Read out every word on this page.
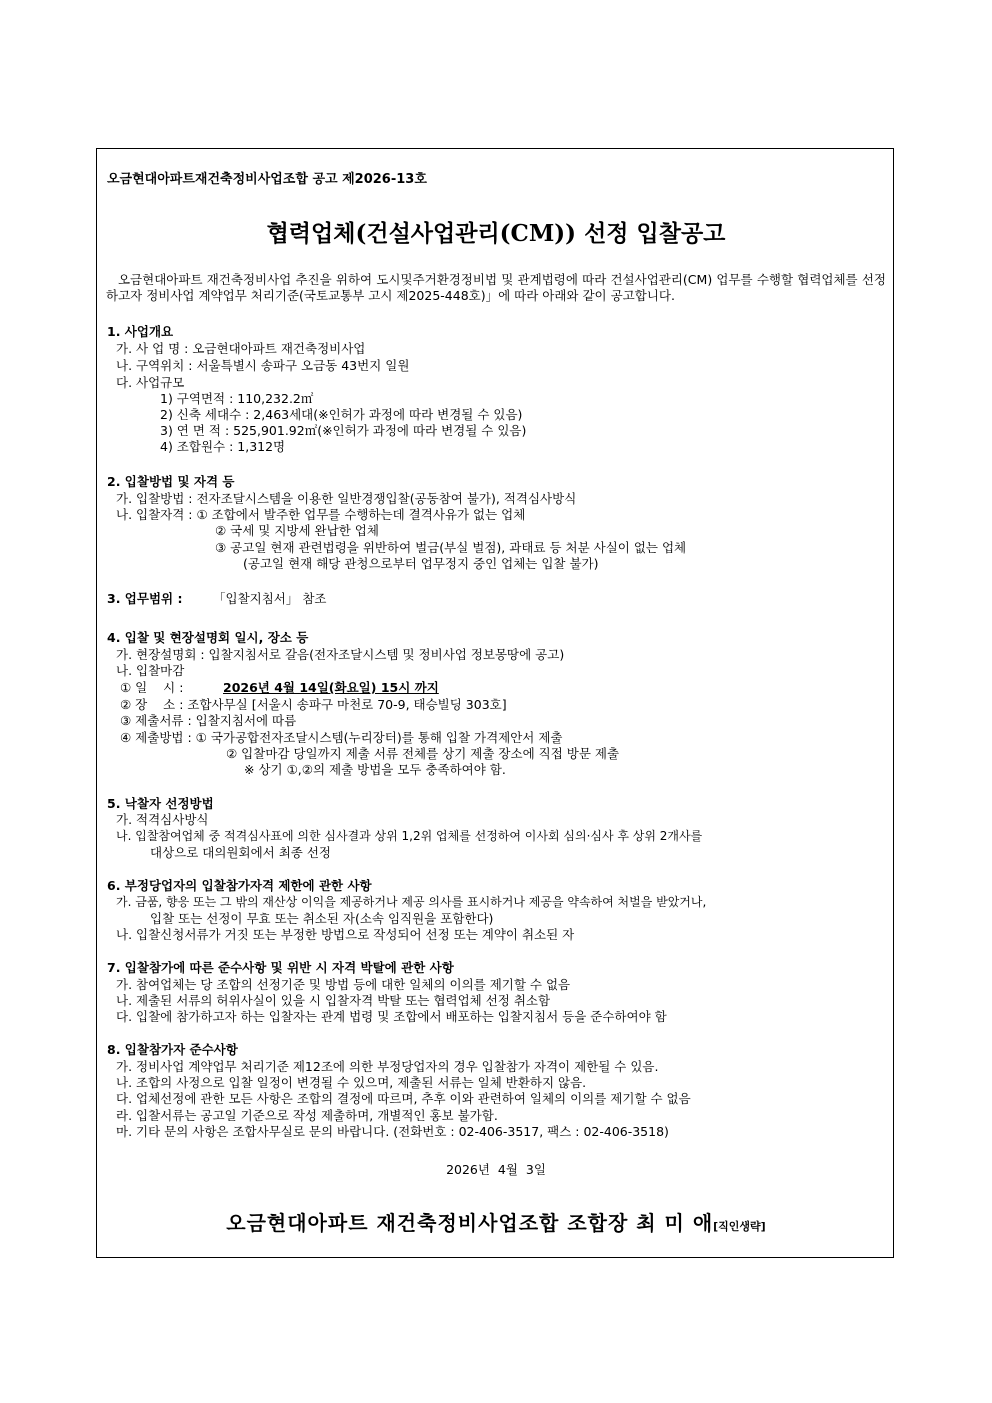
오금현대아파트재건축정비사업조합 공고 제2026-13호
협력업체(건설사업관리(CM)) 선정 입찰공고
오금현대아파트 재건축정비사업 추진을 위하여 도시및주거환경정비법 및 관계법령에 따라 건설사업관리(CM) 업무를 수행할 협력업체를 선정하고자 정비사업 계약업무 처리기준(국토교통부 고시 제2025-448호)」에 따라 아래와 같이 공고합니다.
1. 사업개요
가. 사 업 명 : 오금현대아파트 재건축정비사업
나. 구역위치 : 서울특별시 송파구 오금동 43번지 일원
다. 사업규모
1) 구역면적 : 110,232.2㎡
2) 신축 세대수 : 2,463세대(※인허가 과정에 따라 변경될 수 있음)
3) 연 면 적 : 525,901.92㎡(※인허가 과정에 따라 변경될 수 있음)
4) 조합원수 : 1,312명
2. 입찰방법 및 자격 등
가. 입찰방법 : 전자조달시스템을 이용한 일반경쟁입찰(공동참여 불가), 적격심사방식
나. 입찰자격 : ① 조합에서 발주한 업무를 수행하는데 결격사유가 없는 업체
② 국세 및 지방세 완납한 업체
③ 공고일 현재 관련법령을 위반하여 벌금(부실 벌점), 과태료 등 처분 사실이 없는 업체
(공고일 현재 해당 관청으로부터 업무정지 중인 업체는 입찰 불가)
3. 업무범위 : 「입찰지침서」 참조
4. 입찰 및 현장설명회 일시, 장소 등
가. 현장설명회 : 입찰지침서로 갈음(전자조달시스템 및 정비사업 정보몽땅에 공고)
나. 입찰마감
① 일    시 :	2026년 4월 14일(화요일) 15시 까지
② 장    소 : 조합사무실 [서울시 송파구 마천로 70-9, 태승빌딩 303호]
③ 제출서류 : 입찰지침서에 따름
④ 제출방법 : ① 국가공합전자조달시스템(누리장터)를 통해 입찰 가격제안서 제출
② 입찰마감 당일까지 제출 서류 전체를 상기 제출 장소에 직접 방문 제출
※ 상기 ①,②의 제출 방법을 모두 충족하여야 함.
5. 낙찰자 선정방법
가. 적격심사방식
나. 입찰참여업체 중 적격심사표에 의한 심사결과 상위 1,2위 업체를 선정하여 이사회 심의·심사 후 상위 2개사를
대상으로 대의원회에서 최종 선정
6. 부정당업자의 입찰참가자격 제한에 관한 사항
가. 금품, 향응 또는 그 밖의 재산상 이익을 제공하거나 제공 의사를 표시하거나 제공을 약속하여 처벌을 받았거나,
입찰 또는 선정이 무효 또는 취소된 자(소속 임직원을 포함한다)
나. 입찰신청서류가 거짓 또는 부정한 방법으로 작성되어 선정 또는 계약이 취소된 자
7. 입찰참가에 따른 준수사항 및 위반 시 자격 박탈에 관한 사항
가. 참여업체는 당 조합의 선정기준 및 방법 등에 대한 일체의 이의를 제기할 수 없음
나. 제출된 서류의 허위사실이 있을 시 입찰자격 박탈 또는 협력업체 선정 취소함
다. 입찰에 참가하고자 하는 입찰자는 관계 법령 및 조합에서 배포하는 입찰지침서 등을 준수하여야 함
8. 입찰참가자 준수사항
가. 정비사업 계약업무 처리기준 제12조에 의한 부정당업자의 경우 입찰참가 자격이 제한될 수 있음.
나. 조합의 사정으로 입찰 일정이 변경될 수 있으며, 제출된 서류는 일체 반환하지 않음.
다. 업체선정에 관한 모든 사항은 조합의 결정에 따르며, 추후 이와 관련하여 일체의 이의를 제기할 수 없음
라. 입찰서류는 공고일 기준으로 작성 제출하며, 개별적인 홍보 불가함.
마. 기타 문의 사항은 조합사무실로 문의 바랍니다. (전화번호 : 02-406-3517, 팩스 : 02-406-3518)
2026년  4월  3일
오금현대아파트 재건축정비사업조합 조합장 최 미 애[직인생략]
